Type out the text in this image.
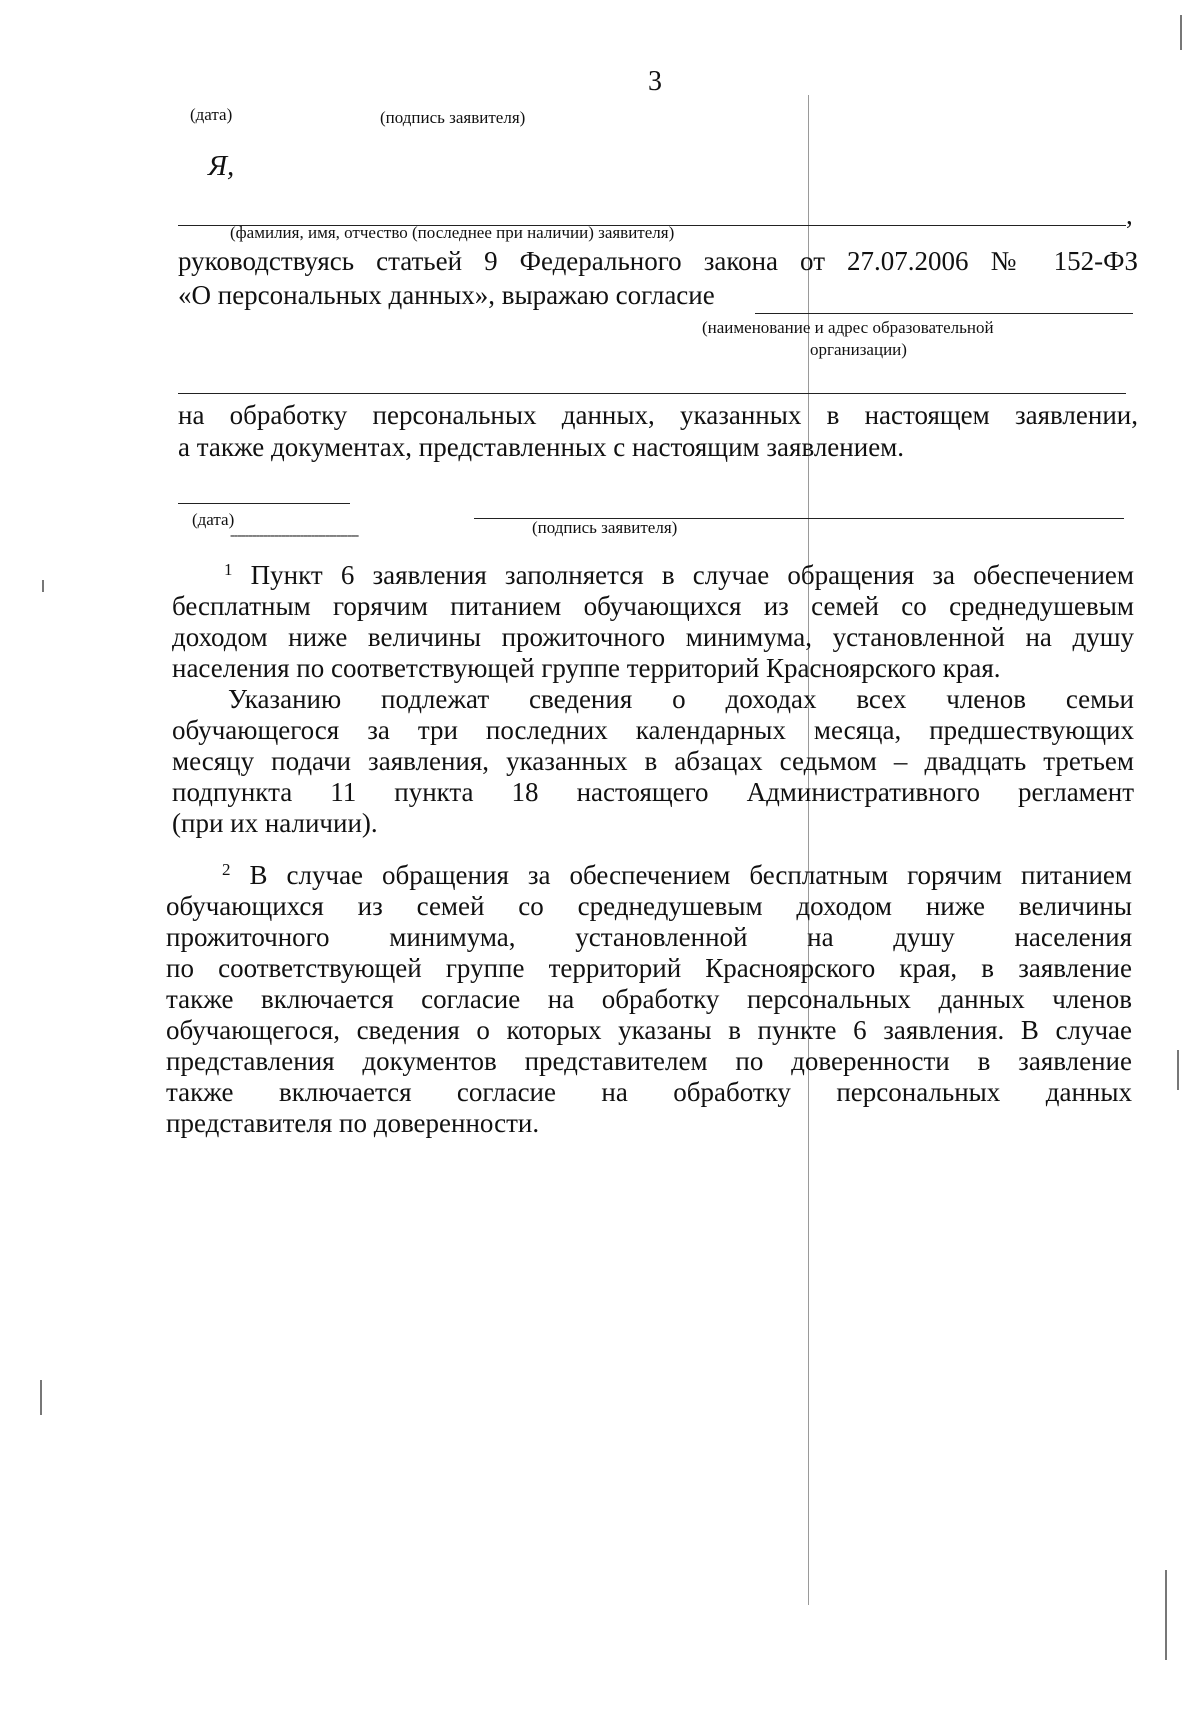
3
(дата)	(подпись заявителя)
Я,
,
(фамилия, имя, отчество (последнее при наличии) заявителя)
руководствуясь статьей 9 Федерального закона от 27.07.2006 № 152-ФЗ
«О персональных данных», выражаю согласие
(наименование и адрес образовательной
организации)
на обработку персональных данных, указанных в настоящем заявлении,
а также документах, представленных с настоящим заявлением.
(дата)	(подпись заявителя)
-----------------------------------
$^1$ Пункт 6 заявления заполняется в случае обращения за обеспечением
бесплатным горячим питанием обучающихся из семей со среднедушевым
доходом ниже величины прожиточного минимума, установленной на душу
населения по соответствующей группе территорий Красноярского края.
Указанию подлежат сведения о доходах всех членов семьи
обучающегося за три последних календарных месяца, предшествующих
месяцу подачи заявления, указанных в абзацах седьмом – двадцать третьем
подпункта 11 пункта 18 настоящего Административного регламент
(при их наличии).
$^2$ В случае обращения за обеспечением бесплатным горячим питанием
обучающихся из семей со среднедушевым доходом ниже величины
прожиточного минимума, установленной на душу населения
по соответствующей группе территорий Красноярского края, в заявление
также включается согласие на обработку персональных данных членов
обучающегося, сведения о которых указаны в пункте 6 заявления. В случае
представления документов представителем по доверенности в заявление
также включается согласие на обработку персональных данных
представителя по доверенности.
